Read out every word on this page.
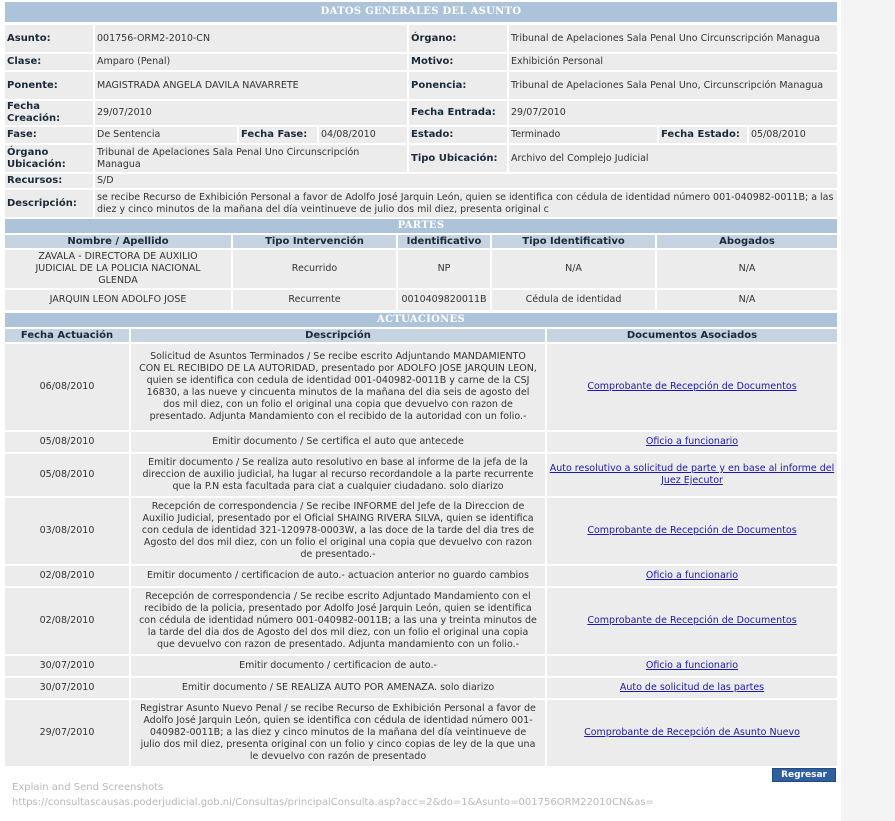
DATOS GENERALES DEL ASUNTO
Asunto:	001756-ORM2-2010-CN			Órgano:	Tribunal de Apelaciones Sala Penal Uno Circunscripción Managua		
Clase:	Amparo (Penal)			Motivo:	Exhibición Personal		
Ponente:	MAGISTRADA ANGELA DAVILA NAVARRETE			Ponencia:	Tribunal de Apelaciones Sala Penal Uno, Circunscripción Managua		
Fecha Creación:	29/07/2010			Fecha Entrada:	29/07/2010		
Fase:	De Sentencia	Fecha Fase:	04/08/2010	Estado:	Terminado	Fecha Estado:	05/08/2010
Órgano Ubicación:	Tribunal de Apelaciones Sala Penal Uno Circunscripción Managua			Tipo Ubicación:	Archivo del Complejo Judicial		
Recursos:	S/D						
Descripción:	se recibe Recurso de Exhibición Personal a favor de Adolfo José Jarquin León, quien se identifica con cédula de identidad número 001-040982-0011B; a las diez y cinco minutos de la mañana del día veintinueve de julio dos mil diez, presenta original c						
PARTES
Nombre / Apellido	Tipo Intervención	Identificativo	Tipo Identificativo	Abogados
ZAVALA - DIRECTORA DE AUXILIO JUDICIAL DE LA POLICIA NACIONAL GLENDA	Recurrido	NP	N/A	N/A
JARQUIN LEON ADOLFO JOSE	Recurrente	0010409820011B	Cédula de identidad	N/A
ACTUACIONES
Fecha Actuación	Descripción	Documentos Asociados
06/08/2010	Solicitud de Asuntos Terminados / Se recibe escrito Adjuntando MANDAMIENTO CON EL RECIBIDO DE LA AUTORIDAD, presentado por ADOLFO JOSE JARQUIN LEON, quien se identifica con cedula de identidad 001-040982-0011B y carne de la CSJ 16830, a las nueve y cincuenta minutos de la mañana del dia seis de agosto del dos mil diez, con un folio el original una copia que devuelvo con razon de presentado. Adjunta Mandamiento con el recibido de la autoridad con un folio.-	Comprobante de Recepción de Documentos
05/08/2010	Emitir documento / Se certifica el auto que antecede	Oficio a funcionario
05/08/2010	Emitir documento / Se realiza auto resolutivo en base al informe de la jefa de la direccion de auxilio judicial, ha lugar al recurso recordandole a la parte recurrente que la P.N esta facultada para ciat a cualquier ciudadano. solo diarizo	Auto resolutivo a solicitud de parte y en base al informe del Juez Ejecutor
03/08/2010	Recepción de correspondencia / Se recibe INFORME del Jefe de la Direccion de Auxilio Judicial, presentado por el Oficial SHAING RIVERA SILVA, quien se identifica con cedula de identidad 321-120978-0003W, a las doce de la tarde del dia tres de Agosto del dos mil diez, con un folio el original una copia que devuelvo con razon de presentado.-	Comprobante de Recepción de Documentos
02/08/2010	Emitir documento / certificacion de auto.- actuacion anterior no guardo cambios	Oficio a funcionario
02/08/2010	Recepción de correspondencia / Se recibe escrito Adjuntado Mandamiento con el recibido de la policia, presentado por Adolfo José Jarquin León, quien se identifica con cédula de identidad número 001-040982-0011B; a las una y treinta minutos de la tarde del dia dos de Agosto del dos mil diez, con un folio el original una copia que devuelvo con razon de presentado. Adjunta mandamiento con un folio.-	Comprobante de Recepción de Documentos
30/07/2010	Emitir documento / certificacion de auto.-	Oficio a funcionario
30/07/2010	Emitir documento / SE REALIZA AUTO POR AMENAZA. solo diarizo	Auto de solicitud de las partes
29/07/2010	Registrar Asunto Nuevo Penal / se recibe Recurso de Exhibición Personal a favor de Adolfo José Jarquin León, quien se identifica con cédula de identidad número 001-040982-0011B; a las diez y cinco minutos de la mañana del día veintinueve de julio dos mil diez, presenta original con un folio y cinco copias de ley de la que una le devuelvo con razón de presentado	Comprobante de Recepción de Asunto Nuevo
Regresar
Explain and Send Screenshots
https://consultascausas.poderjudicial.gob.ni/Consultas/principalConsulta.asp?acc=2&do=1&Asunto=001756ORM22010CN&as=
